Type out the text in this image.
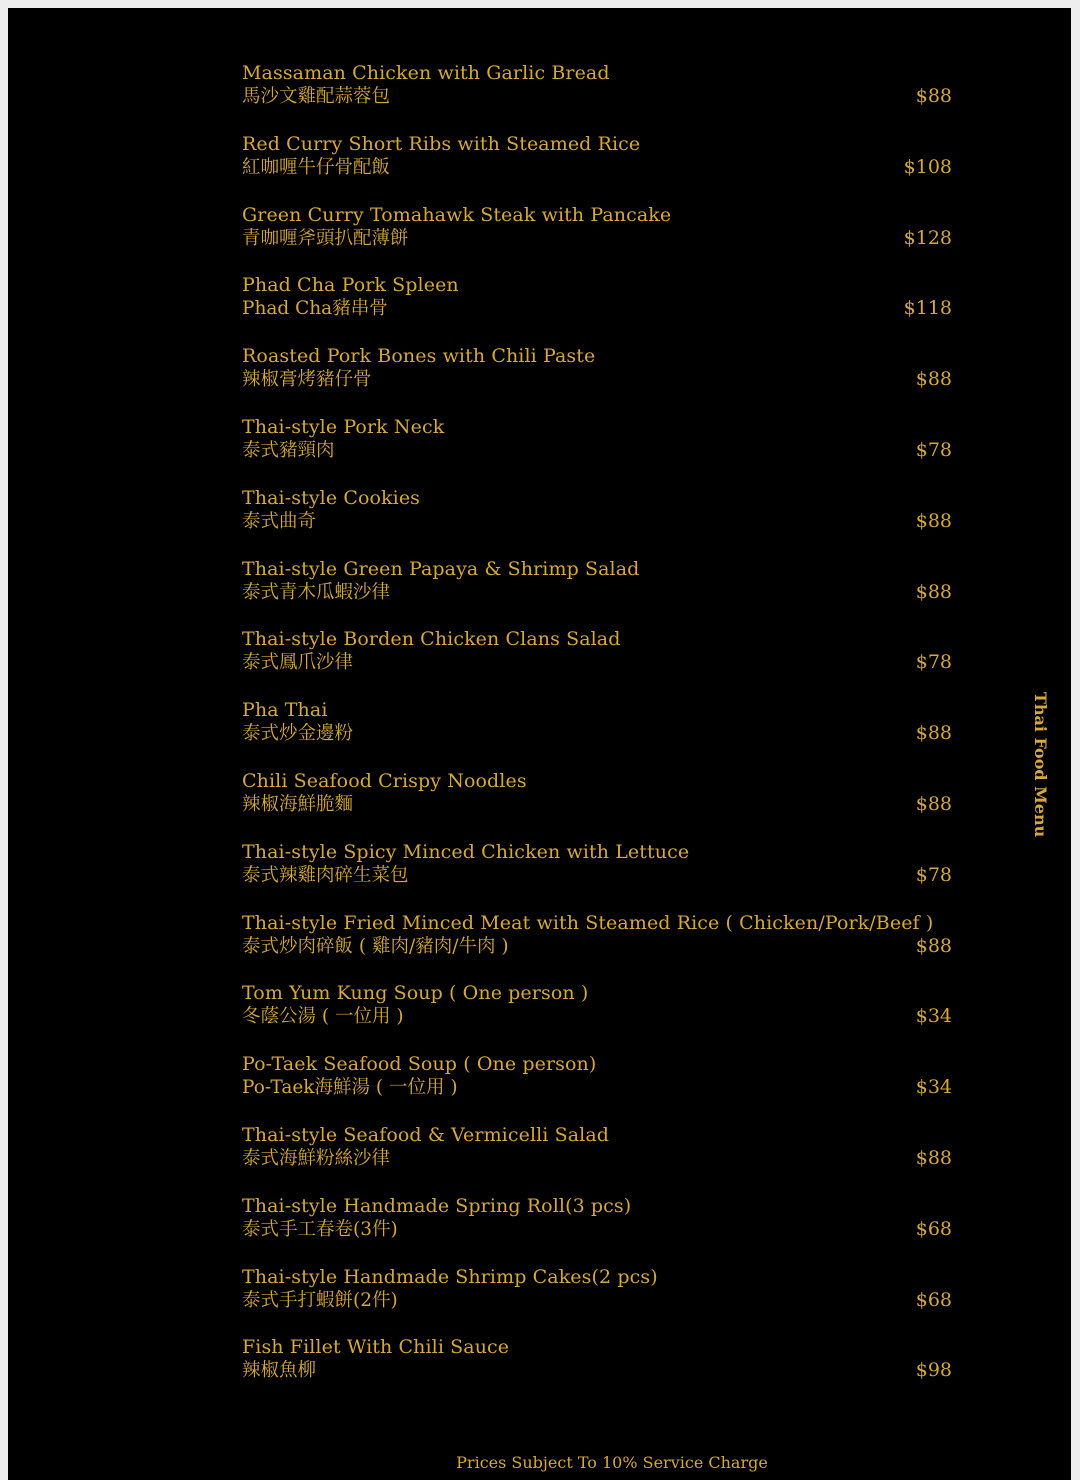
Massaman Chicken with Garlic Bread
馬沙文雞配蒜蓉包	$88
Red Curry Short Ribs with Steamed Rice
紅咖喱牛仔骨配飯	$108
Green Curry Tomahawk Steak with Pancake
青咖喱斧頭扒配薄餅	$128
Phad Cha Pork Spleen
Phad Cha豬串骨	$118
Roasted Pork Bones with Chili Paste
辣椒膏烤豬仔骨	$88
Thai-style Pork Neck
泰式豬頸肉	$78
Thai-style Cookies
泰式曲奇	$88
Thai-style Green Papaya & Shrimp Salad
泰式青木瓜蝦沙律	$88
Thai-style Borden Chicken Clans Salad
泰式鳳爪沙律	$78
Pha Thai
泰式炒金邊粉	$88
Chili Seafood Crispy Noodles
辣椒海鮮脆麵	$88
Thai-style Spicy Minced Chicken with Lettuce
泰式辣雞肉碎生菜包	$78
Thai-style Fried Minced Meat with Steamed Rice ( Chicken/Pork/Beef )
泰式炒肉碎飯 ( 雞肉/豬肉/牛肉 )	$88
Tom Yum Kung Soup ( One person )
冬蔭公湯 ( 一位用 )	$34
Po-Taek Seafood Soup ( One person)
Po-Taek海鮮湯 ( 一位用 )	$34
Thai-style Seafood & Vermicelli Salad
泰式海鮮粉絲沙律	$88
Thai-style Handmade Spring Roll(3 pcs)
泰式手工春卷(3件)	$68
Thai-style Handmade Shrimp Cakes(2 pcs)
泰式手打蝦餅(2件)	$68
Fish Fillet With Chili Sauce
辣椒魚柳	$98
Thai Food Menu
Prices Subject To 10% Service Charge
